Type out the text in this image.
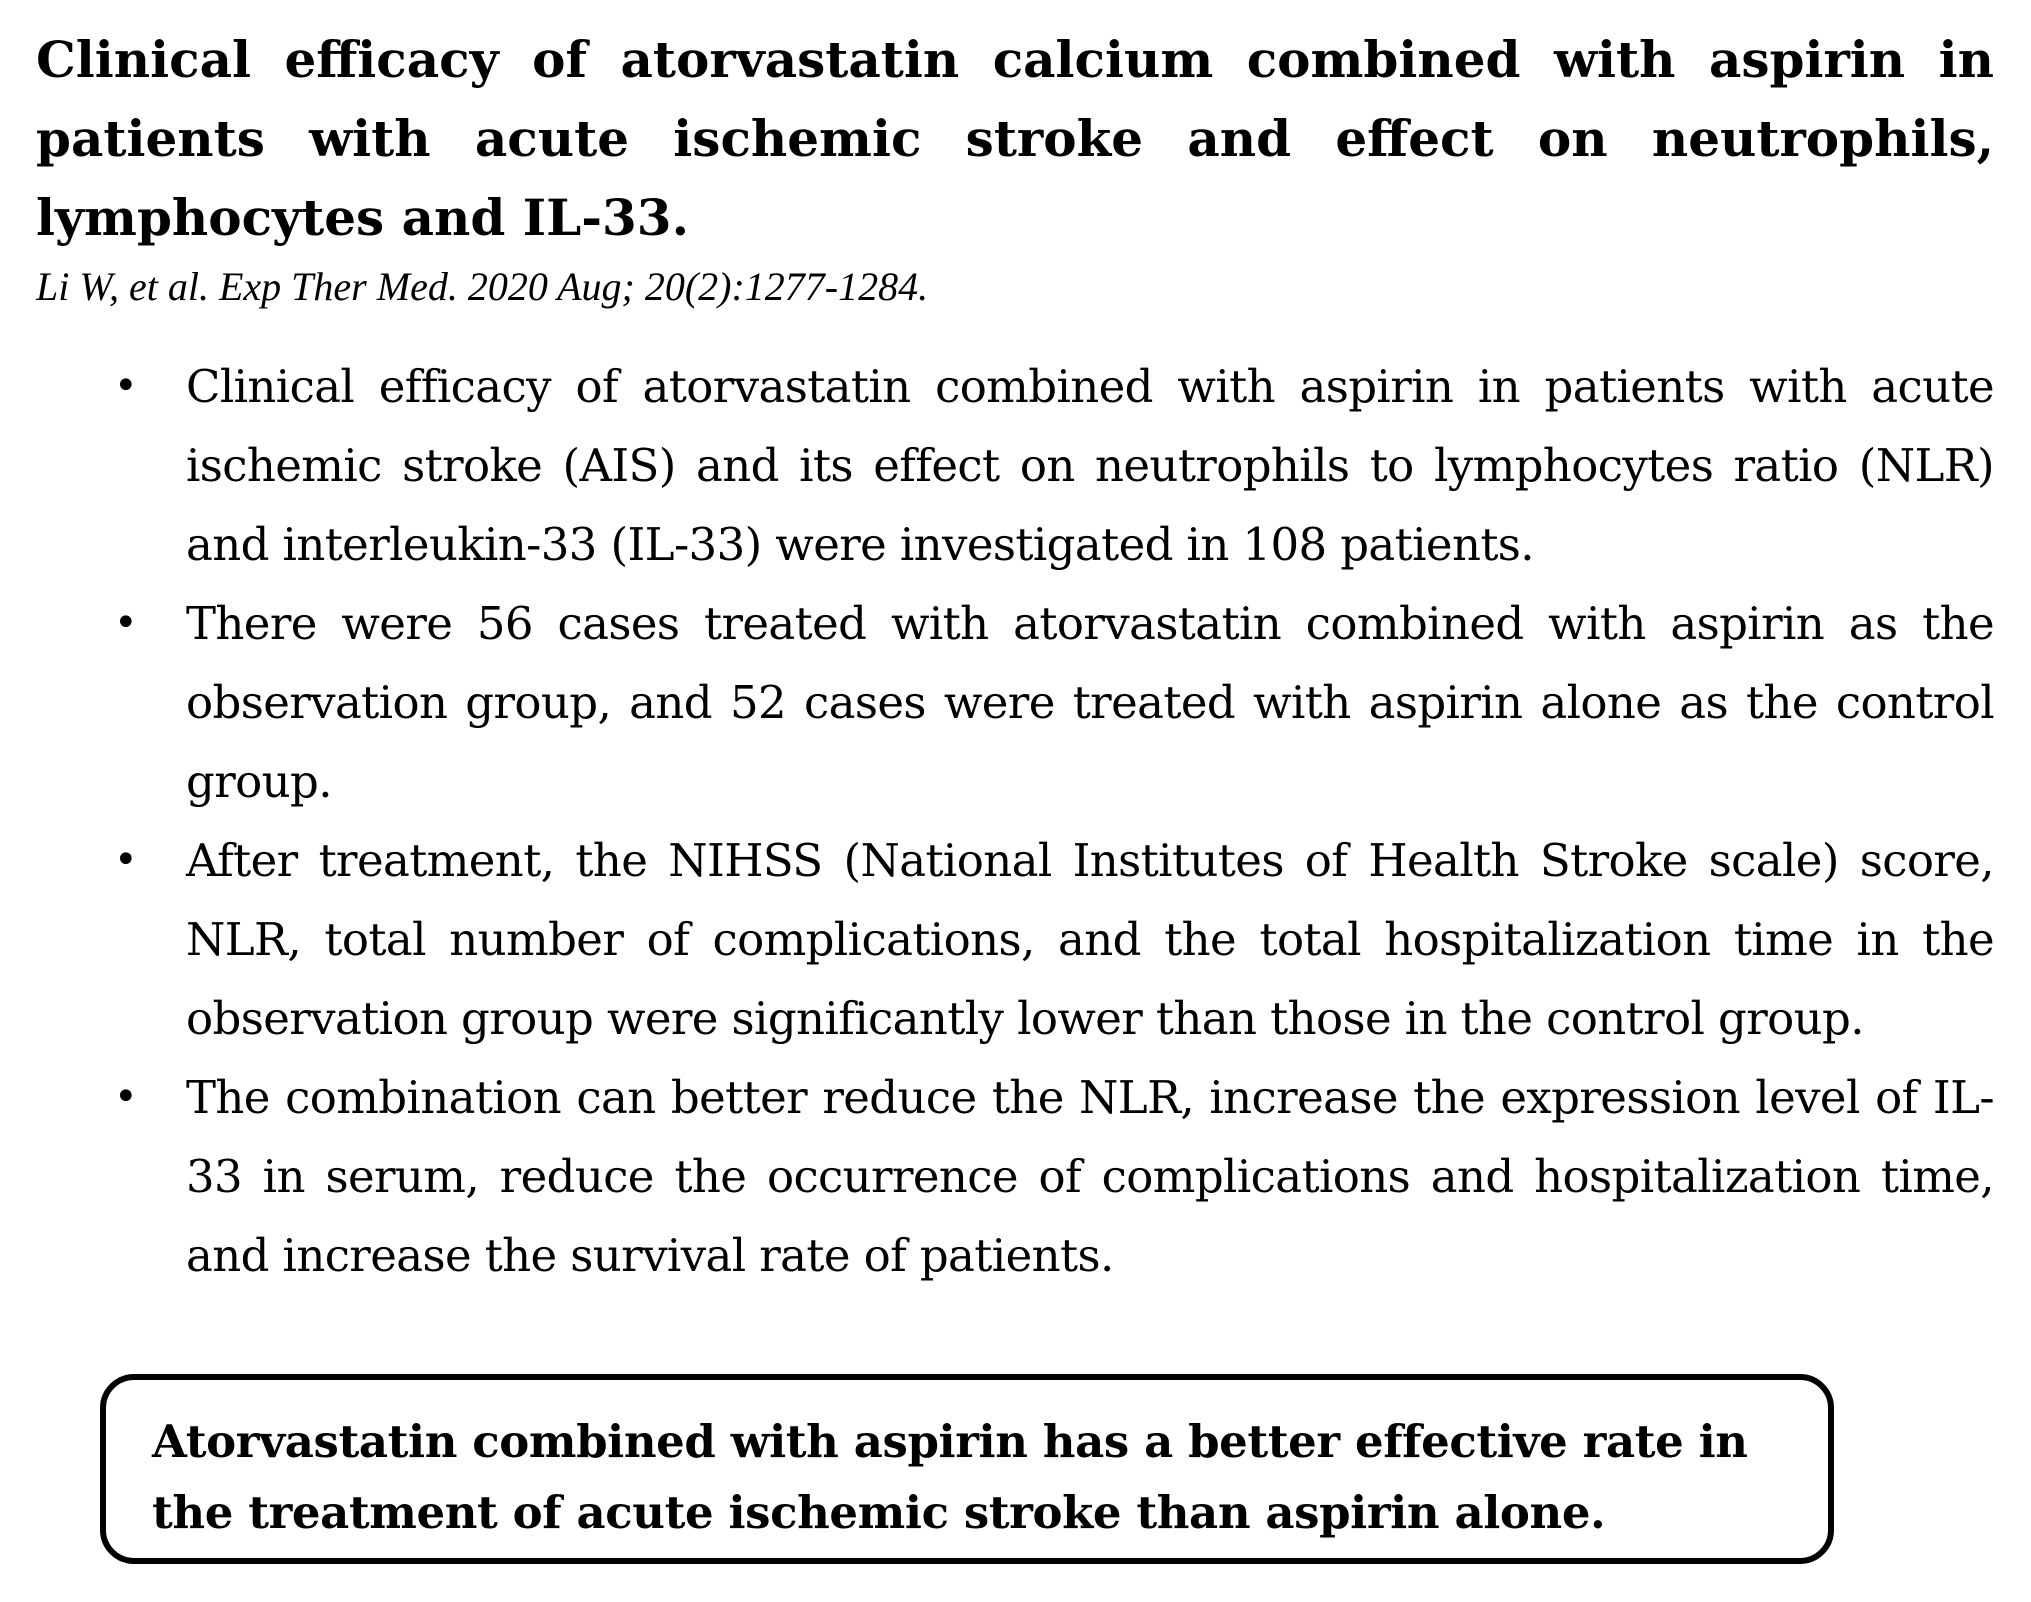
Clinical efficacy of atorvastatin calcium combined with aspirin in patients with acute ischemic stroke and effect on neutrophils, lymphocytes and IL-33.

Li W, et al. Exp Ther Med. 2020 Aug; 20(2):1277-1284.

• Clinical efficacy of atorvastatin combined with aspirin in patients with acute ischemic stroke (AIS) and its effect on neutrophils to lymphocytes ratio (NLR) and interleukin-33 (IL-33) were investigated in 108 patients.
• There were 56 cases treated with atorvastatin combined with aspirin as the observation group, and 52 cases were treated with aspirin alone as the control group.
• After treatment, the NIHSS (National Institutes of Health Stroke scale) score, NLR, total number of complications, and the total hospitalization time in the observation group were significantly lower than those in the control group.
• The combination can better reduce the NLR, increase the expression level of IL-33 in serum, reduce the occurrence of complications and hospitalization time, and increase the survival rate of patients.

Atorvastatin combined with aspirin has a better effective rate in the treatment of acute ischemic stroke than aspirin alone.
